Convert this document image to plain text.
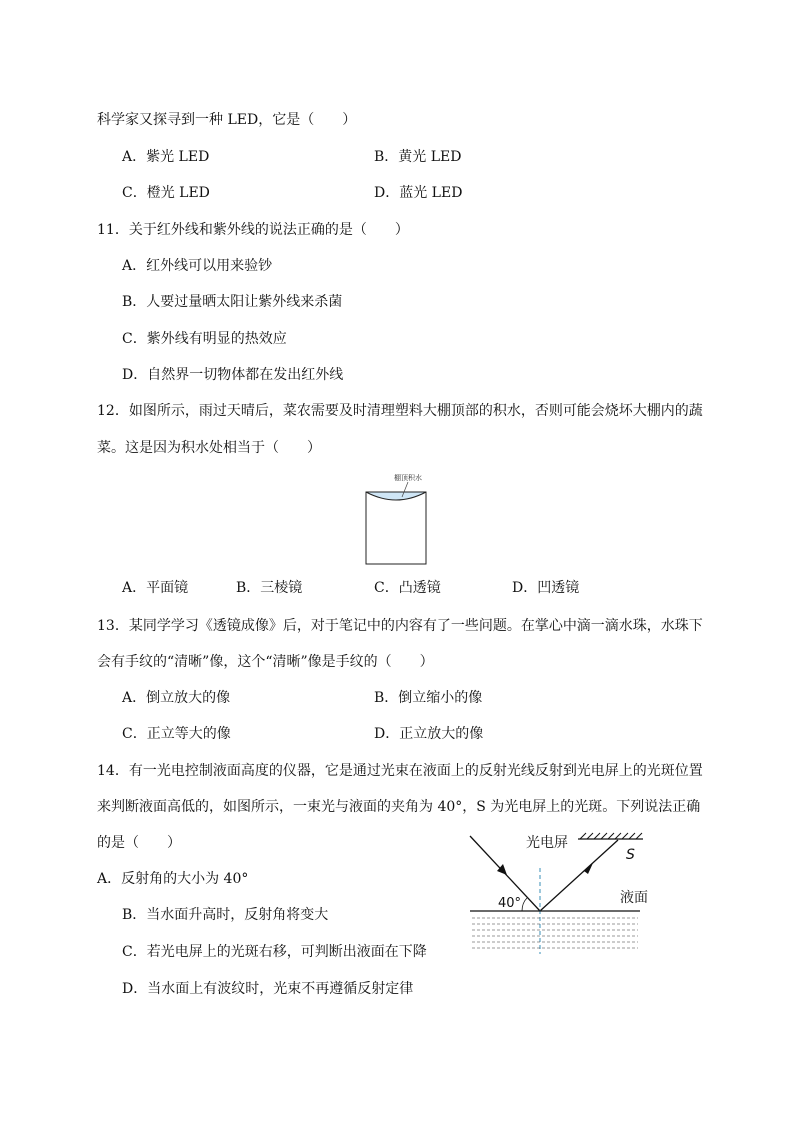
科学家又探寻到一种 LED，它是（　　）
A．紫光 LED	B．黄光 LED
C．橙光 LED	D．蓝光 LED
11．关于红外线和紫外线的说法正确的是（　　）
A．红外线可以用来验钞
B．人要过量晒太阳让紫外线来杀菌
C．紫外线有明显的热效应
D．自然界一切物体都在发出红外线
12．如图所示，雨过天晴后，菜农需要及时清理塑料大棚顶部的积水，否则可能会烧坏大棚内的蔬
菜。这是因为积水处相当于（　　）
棚顶积水
A．平面镜	B．三棱镜	C．凸透镜	D．凹透镜
13．某同学学习《透镜成像》后，对于笔记中的内容有了一些问题。在掌心中滴一滴水珠，水珠下
会有手纹的“清晰”像，这个“清晰”像是手纹的（　　）
A．倒立放大的像	B．倒立缩小的像
C．正立等大的像	D．正立放大的像
14．有一光电控制液面高度的仪器，它是通过光束在液面上的反射光线反射到光电屏上的光斑位置
来判断液面高低的，如图所示，一束光与液面的夹角为 40°，S 为光电屏上的光斑。下列说法正确
的是（　　）	光电屏
S
40°	液面
A．反射角的大小为 40°
B．当水面升高时，反射角将变大
C．若光电屏上的光斑右移，可判断出液面在下降
D．当水面上有波纹时，光束不再遵循反射定律
